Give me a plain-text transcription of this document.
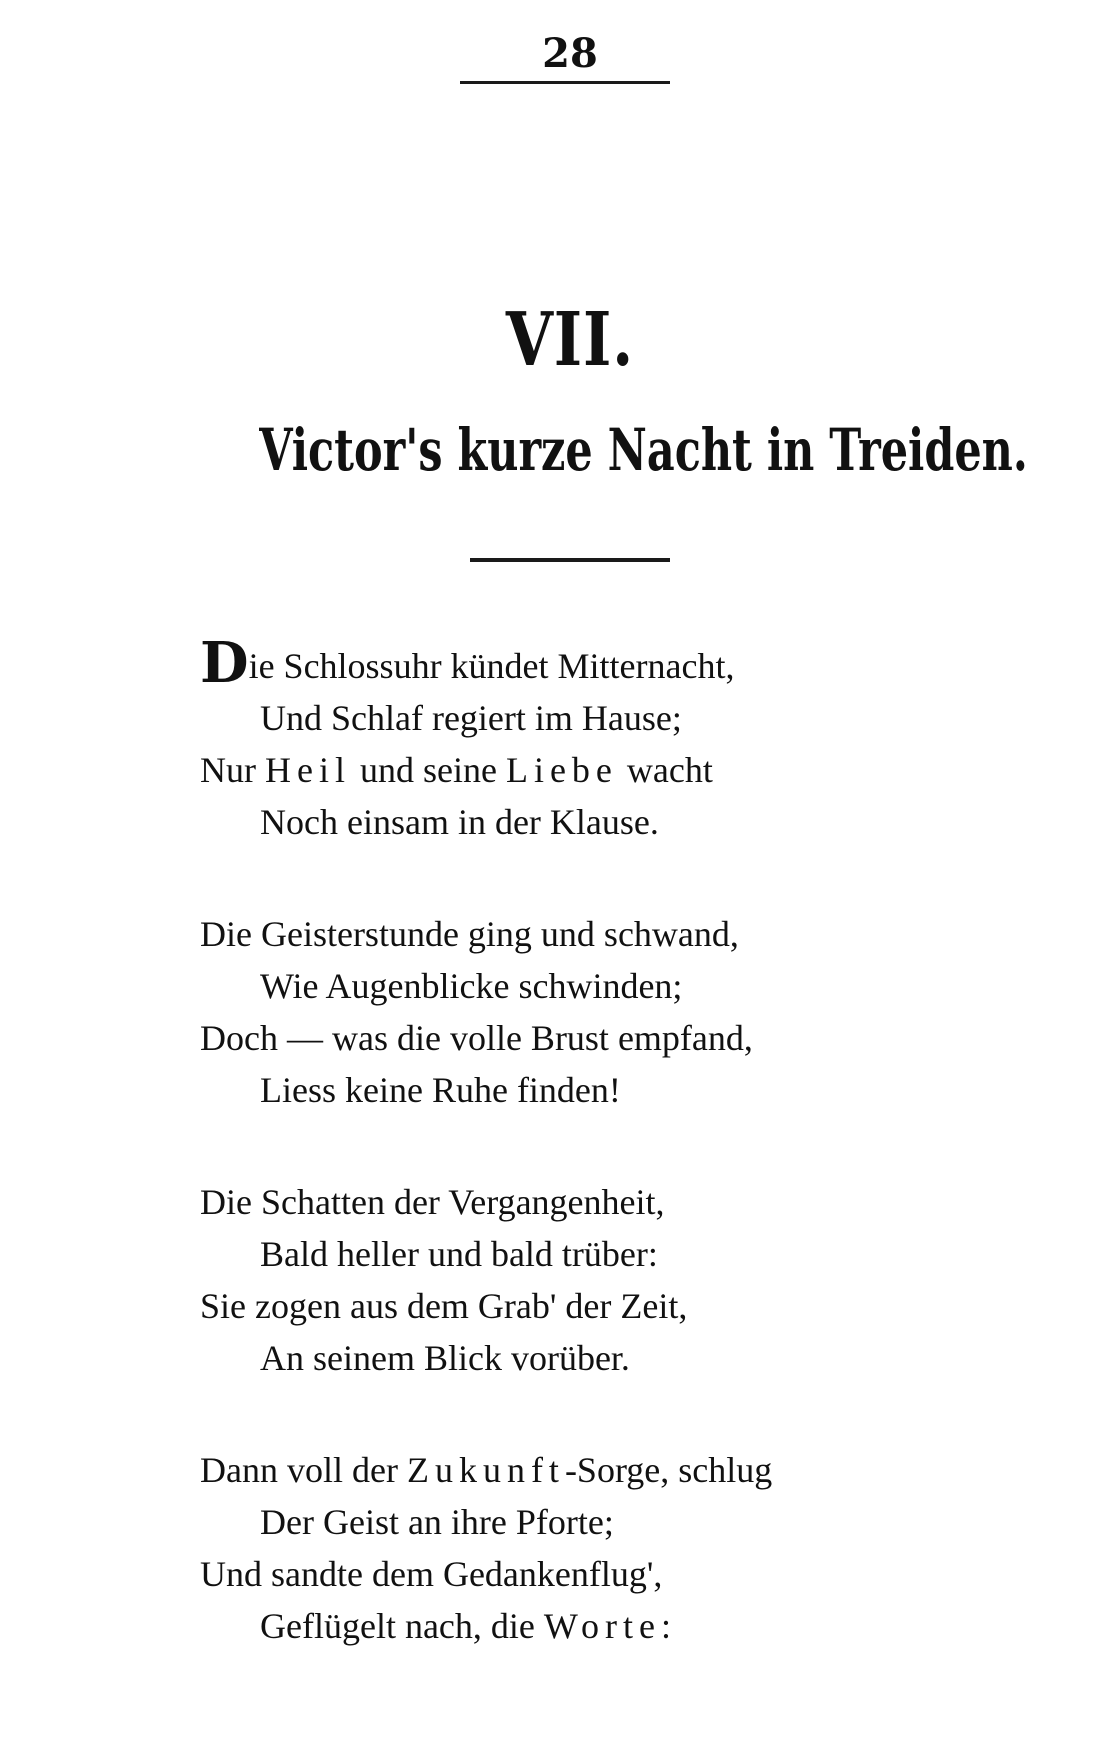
28
VII.
Victor's kurze Nacht in Treiden.
Die Schlossuhr kündet Mitternacht,
Und Schlaf regiert im Hause;
Nur Heil und seine Liebe wacht
Noch einsam in der Klause.
Die Geisterstunde ging und schwand,
Wie Augenblicke schwinden;
Doch — was die volle Brust empfand,
Liess keine Ruhe finden!
Die Schatten der Vergangenheit,
Bald heller und bald trüber:
Sie zogen aus dem Grab' der Zeit,
An seinem Blick vorüber.
Dann voll der Zukunft-Sorge, schlug
Der Geist an ihre Pforte;
Und sandte dem Gedankenflug',
Geflügelt nach, die Worte:
